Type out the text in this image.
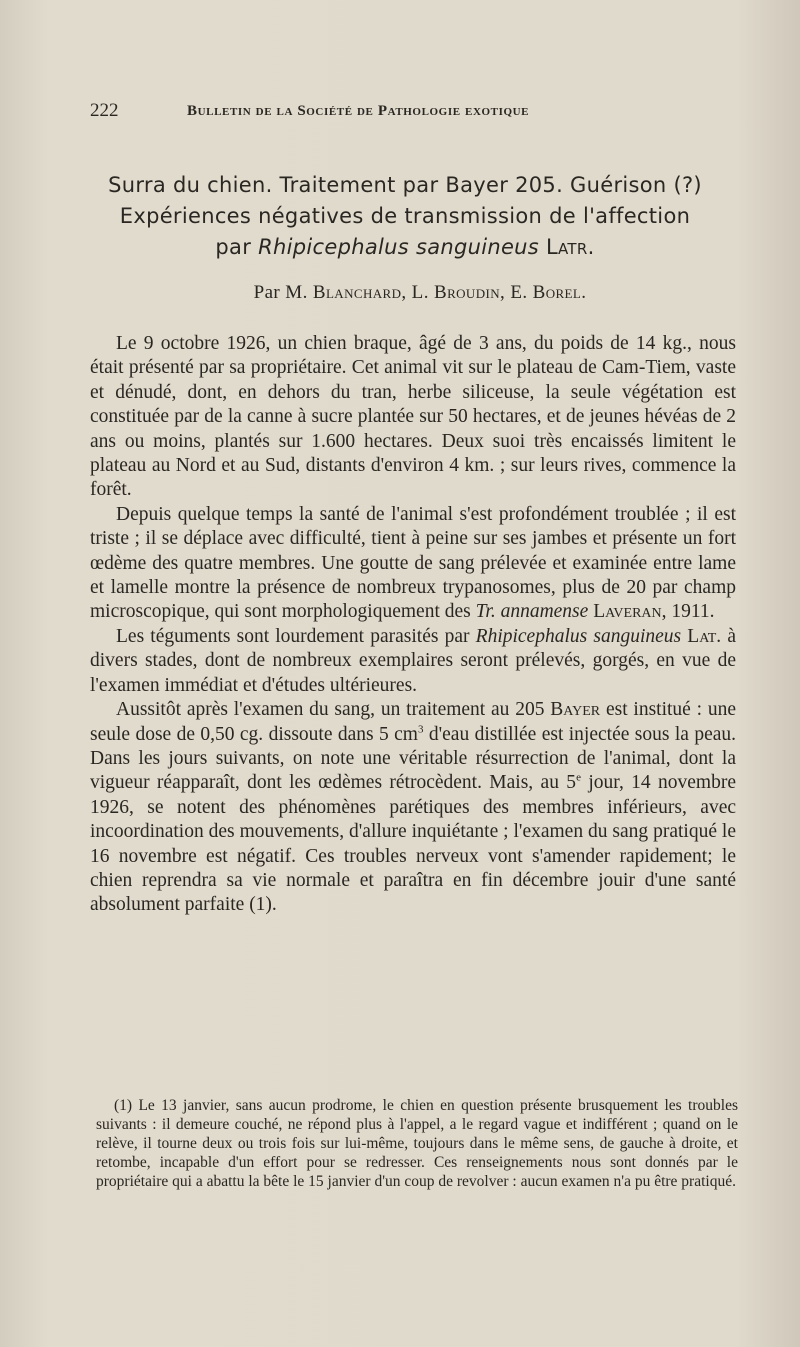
222	Bulletin de la Société de Pathologie exotique

Surra du chien. Traitement par Bayer 205. Guérison (?)

Expériences négatives de transmission de l'affection

par Rhipicephalus sanguineus Latr.

Par M. Blanchard, L. Broudin, E. Borel.

Le 9 octobre 1926, un chien braque, âgé de 3 ans, du poids de 14 kg., nous était présenté par sa propriétaire. Cet animal vit sur le plateau de Cam-Tiem, vaste et dénudé, dont, en dehors du tran, herbe siliceuse, la seule végétation est constituée par de la canne à sucre plantée sur 50 hectares, et de jeunes hévéas de 2 ans ou moins, plantés sur 1.600 hectares. Deux suoi très encaissés limitent le plateau au Nord et au Sud, distants d'environ 4 km. ; sur leurs rives, commence la forêt.

Depuis quelque temps la santé de l'animal s'est profondément troublée ; il est triste ; il se déplace avec difficulté, tient à peine sur ses jambes et présente un fort œdème des quatre membres. Une goutte de sang prélevée et examinée entre lame et lamelle montre la présence de nombreux trypanosomes, plus de 20 par champ microscopique, qui sont morphologiquement des Tr. annamense Laveran, 1911.

Les téguments sont lourdement parasités par Rhipicephalus sanguineus Lat. à divers stades, dont de nombreux exemplaires seront prélevés, gorgés, en vue de l'examen immédiat et d'études ultérieures.

Aussitôt après l'examen du sang, un traitement au 205 Bayer est institué : une seule dose de 0,50 cg. dissoute dans 5 $cm^3$ d'eau distillée est injectée sous la peau. Dans les jours suivants, on note une véritable résurrection de l'animal, dont la vigueur réapparaît, dont les œdèmes rétrocèdent. Mais, au 5e jour, 14 novembre 1926, se notent des phénomènes parétiques des membres inférieurs, avec incoordination des mouvements, d'allure inquiétante ; l'examen du sang pratiqué le 16 novembre est négatif. Ces troubles nerveux vont s'amender rapidement; le chien reprendra sa vie normale et paraîtra en fin décembre jouir d'une santé absolument parfaite (1).

(1) Le 13 janvier, sans aucun prodrome, le chien en question présente brusquement les troubles suivants : il demeure couché, ne répond plus à l'appel, a le regard vague et indifférent ; quand on le relève, il tourne deux ou trois fois sur lui-même, toujours dans le même sens, de gauche à droite, et retombe, incapable d'un effort pour se redresser. Ces renseignements nous sont donnés par le propriétaire qui a abattu la bête le 15 janvier d'un coup de revolver : aucun examen n'a pu être pratiqué.
